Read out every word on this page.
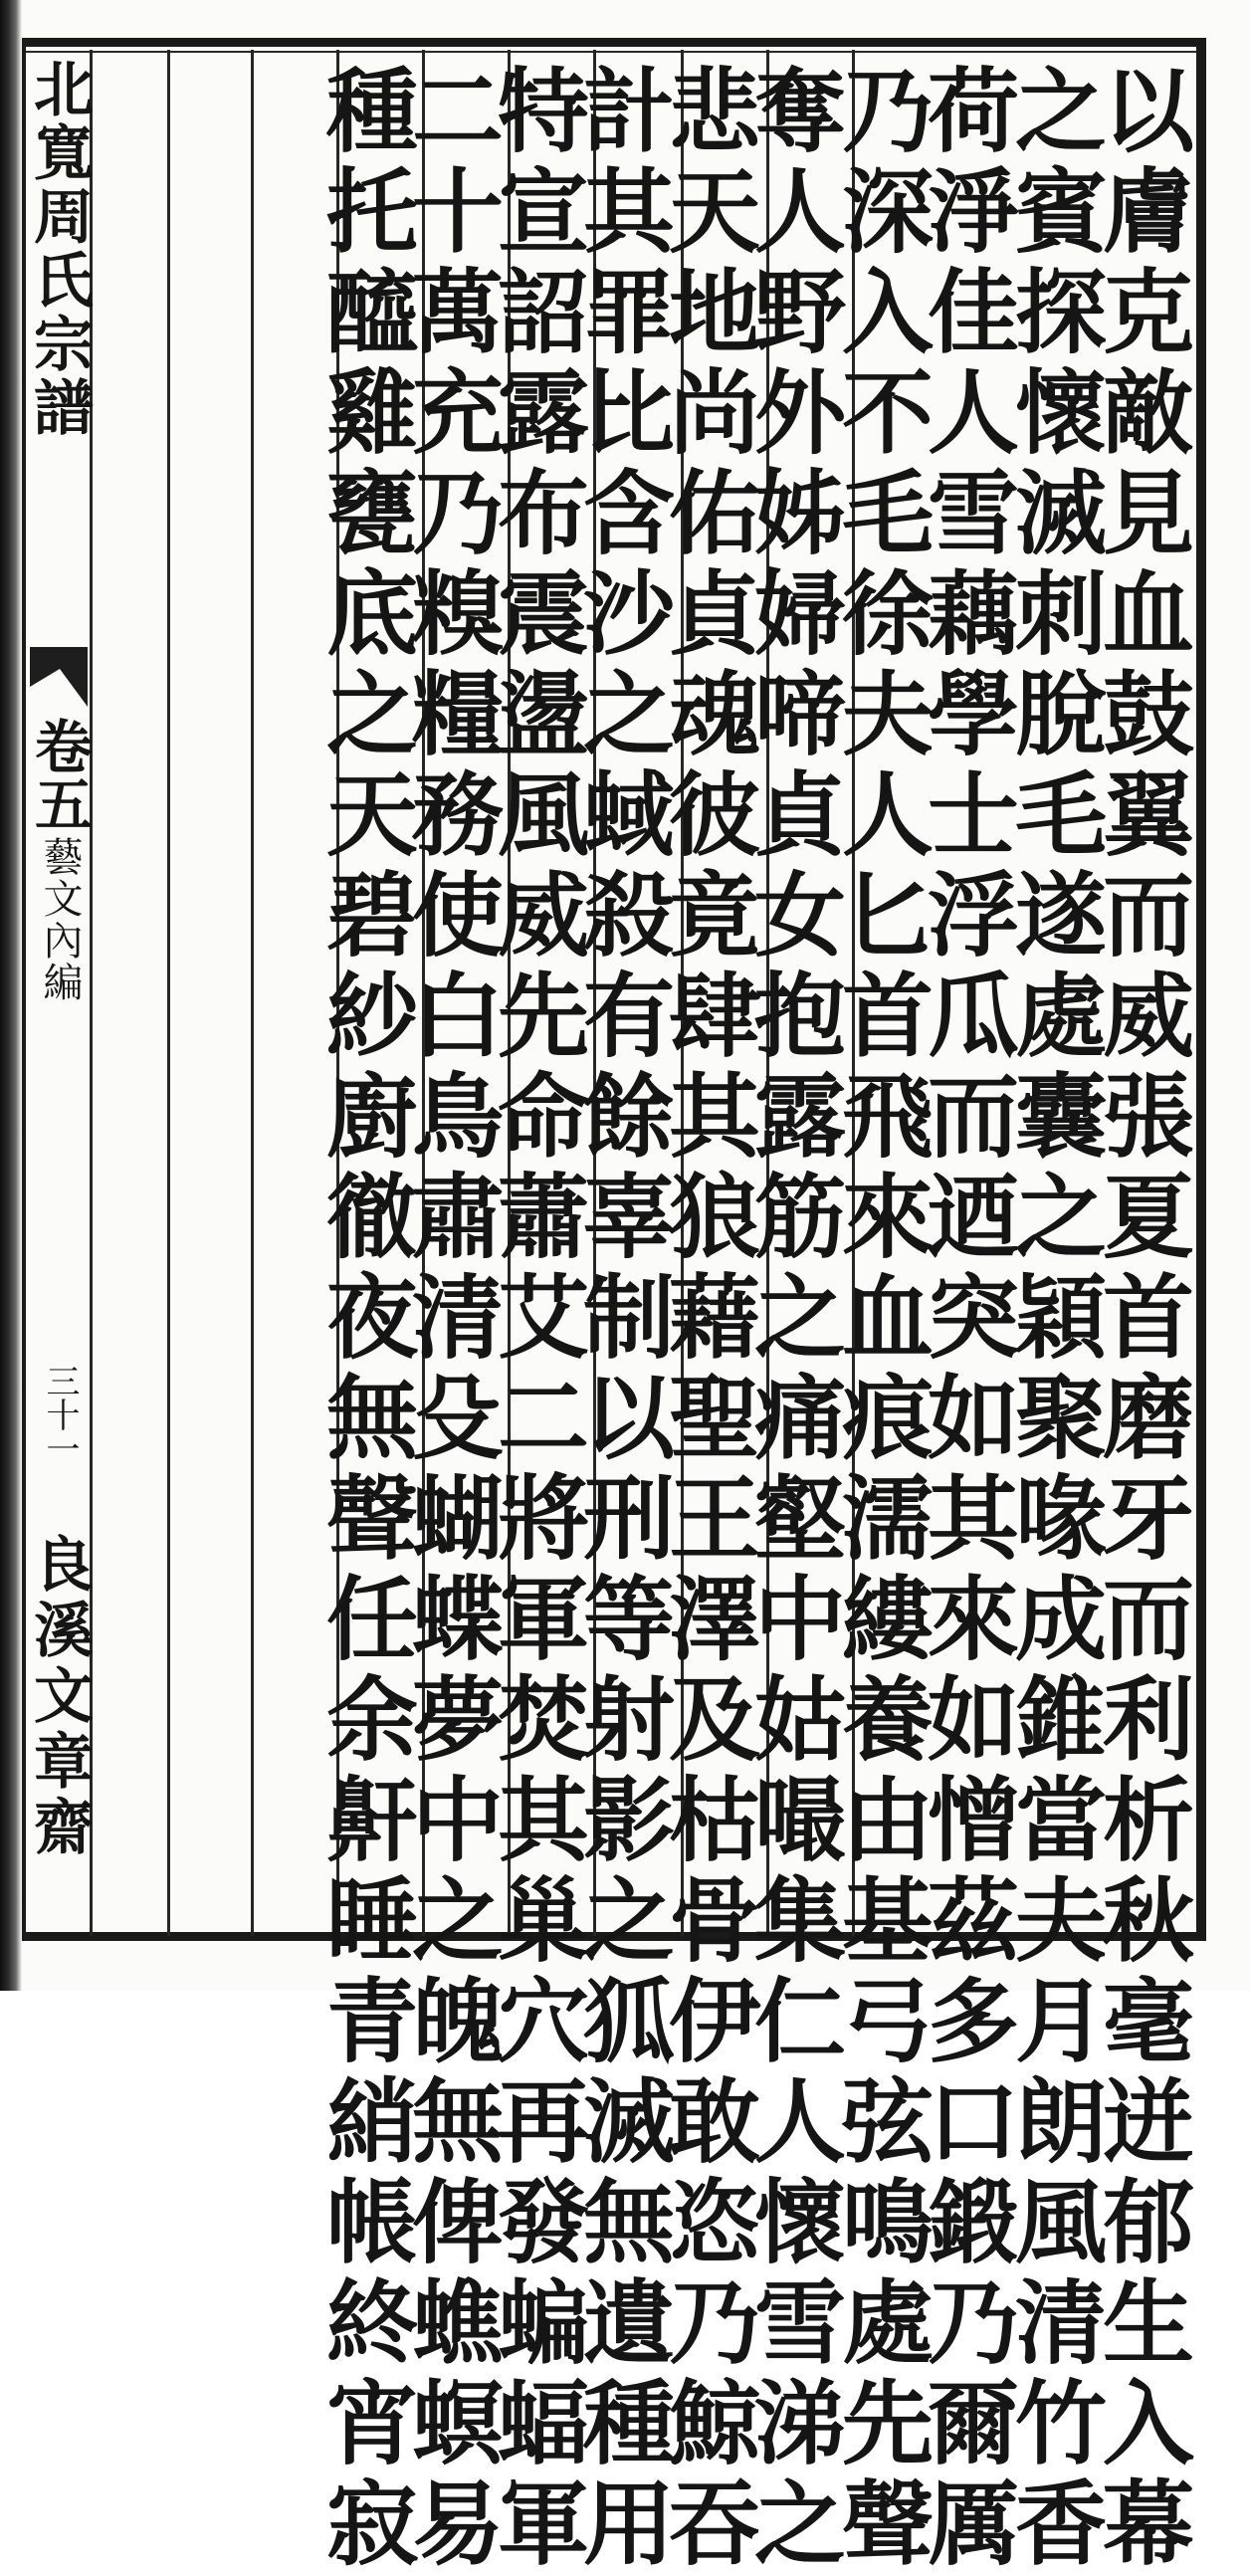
北寬周氏宗譜
卷五
藝文內編
三十一
良溪文章齋	以膚克敵見血鼓翼而威張夏首磨牙而利析秋毫迸郁生入幕
之賓探懷滅刺脫毛遂處囊之穎聚喙成錐當夫月朗風清竹香
荷淨佳人雪藕學士浮瓜而迺突如其來如憎茲多口鍛乃爾厲
乃深入不毛徐夫人匕首飛來血痕濡縷養由基弓弦鳴處先聲
奪人野外姊婦啼貞女抱露筋之痛壑中姑嘬集仁人懷雪涕之
悲天地尚佑貞魂彼竟肆其狼藉聖王澤及枯骨伊敢恣乃鯨吞
計其罪比含沙之蜮殺有餘辜制以刑等射影之狐滅無遺種用
特宣詔露布震盪風威先命蕭艾二將軍焚其巢穴再發蝙蝠軍
二十萬充乃糗糧務使白鳥肅清殳蝴蝶夢中之魄無俾蟭螟易
種托醯雞甕底之天碧紗廚徹夜無聲任余鼾睡青綃帳終宵寂
